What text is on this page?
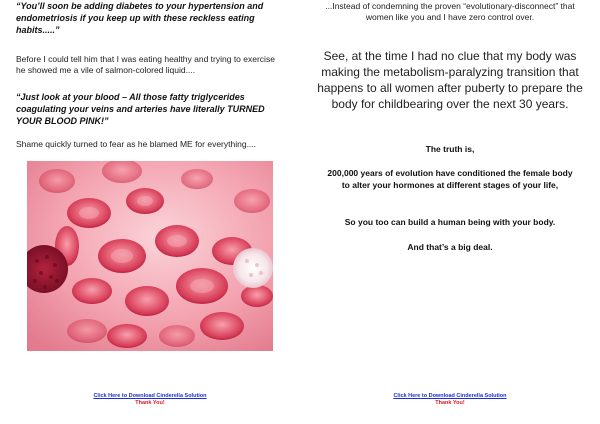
“You’ll soon be adding diabetes to your hypertension and endometriosis if you keep up with these reckless eating habits.....”
Before I could tell him that I was eating healthy and trying to exercise he showed me a vile of salmon-colored liquid....
“Just look at your blood – All those fatty triglycerides coagulating your veins and arteries have literally TURNED YOUR BLOOD PINK!”
Shame quickly turned to fear as he blamed ME for everything....
Click Here to Download Cinderella Solution
Thank You!
...Instead of condemning the proven “evolutionary-disconnect” that women like you and I have zero control over.
See, at the time I had no clue that my body was making the metabolism-paralyzing transition that happens to all women after puberty to prepare the body for childbearing over the next 30 years.
The truth is,
200,000 years of evolution have conditioned the female body to alter your hormones at different stages of your life,
So you too can build a human being with your body.
And that’s a big deal.
Click Here to Download Cinderella Solution
Thank You!
